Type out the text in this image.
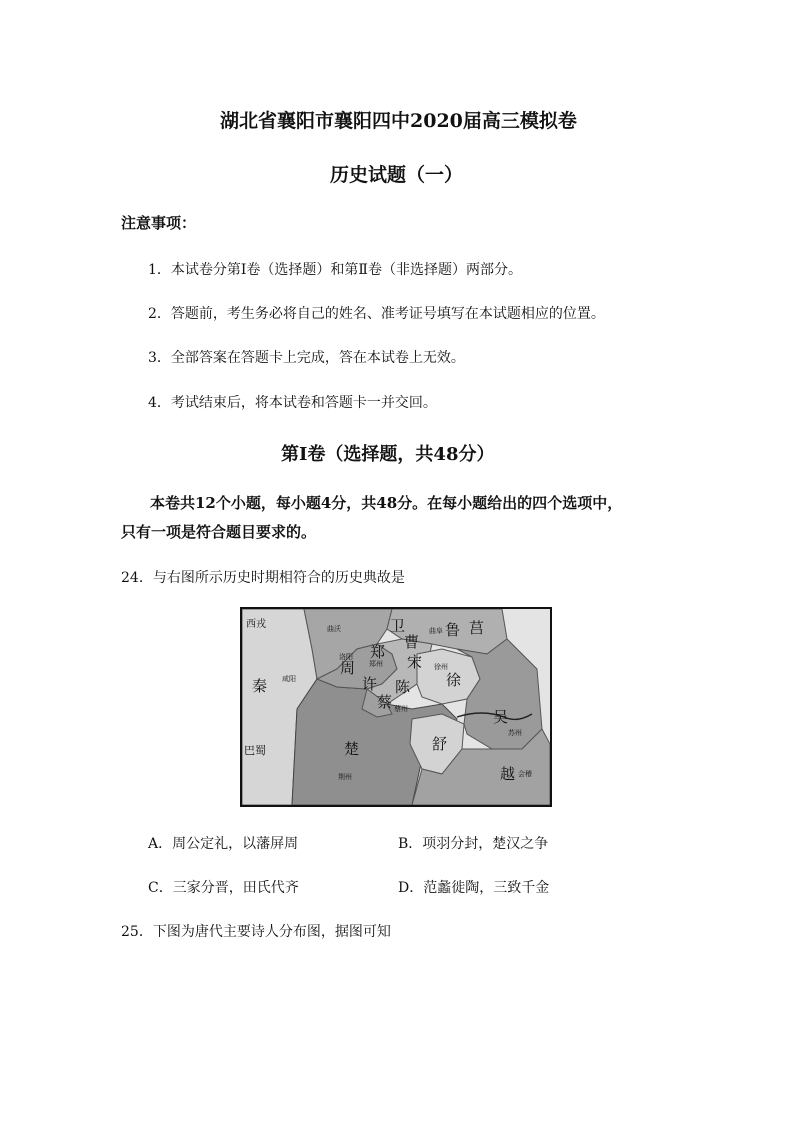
湖北省襄阳市襄阳四中2020届高三模拟卷
历史试题（一）
注意事项：
1．本试卷分第Ⅰ卷（选择题）和第Ⅱ卷（非选择题）两部分。
2．答题前，考生务必将自己的姓名、准考证号填写在本试题相应的位置。
3．全部答案在答题卡上完成，答在本试卷上无效。
4．考试结束后，将本试卷和答题卡一并交回。
第Ⅰ卷（选择题，共48分）
本卷共12个小题，每小题4分，共48分。在每小题给出的四个选项中，
只有一项是符合题目要求的。
24．与右图所示历史时期相符合的历史典故是
西戎
秦 咸阳
巴蜀
曲沃	卫
曹
曲阜 鲁 莒
洛阳
周
郑
郑州 宋 徐州
许 陈 徐
蔡 蔡州	吴
苏州
楚	舒
荆州	越 会稽
A．周公定礼，以藩屏周	B．项羽分封，楚汉之争
C．三家分晋，田氏代齐	D．范蠡徙陶，三致千金
25．下图为唐代主要诗人分布图，据图可知
